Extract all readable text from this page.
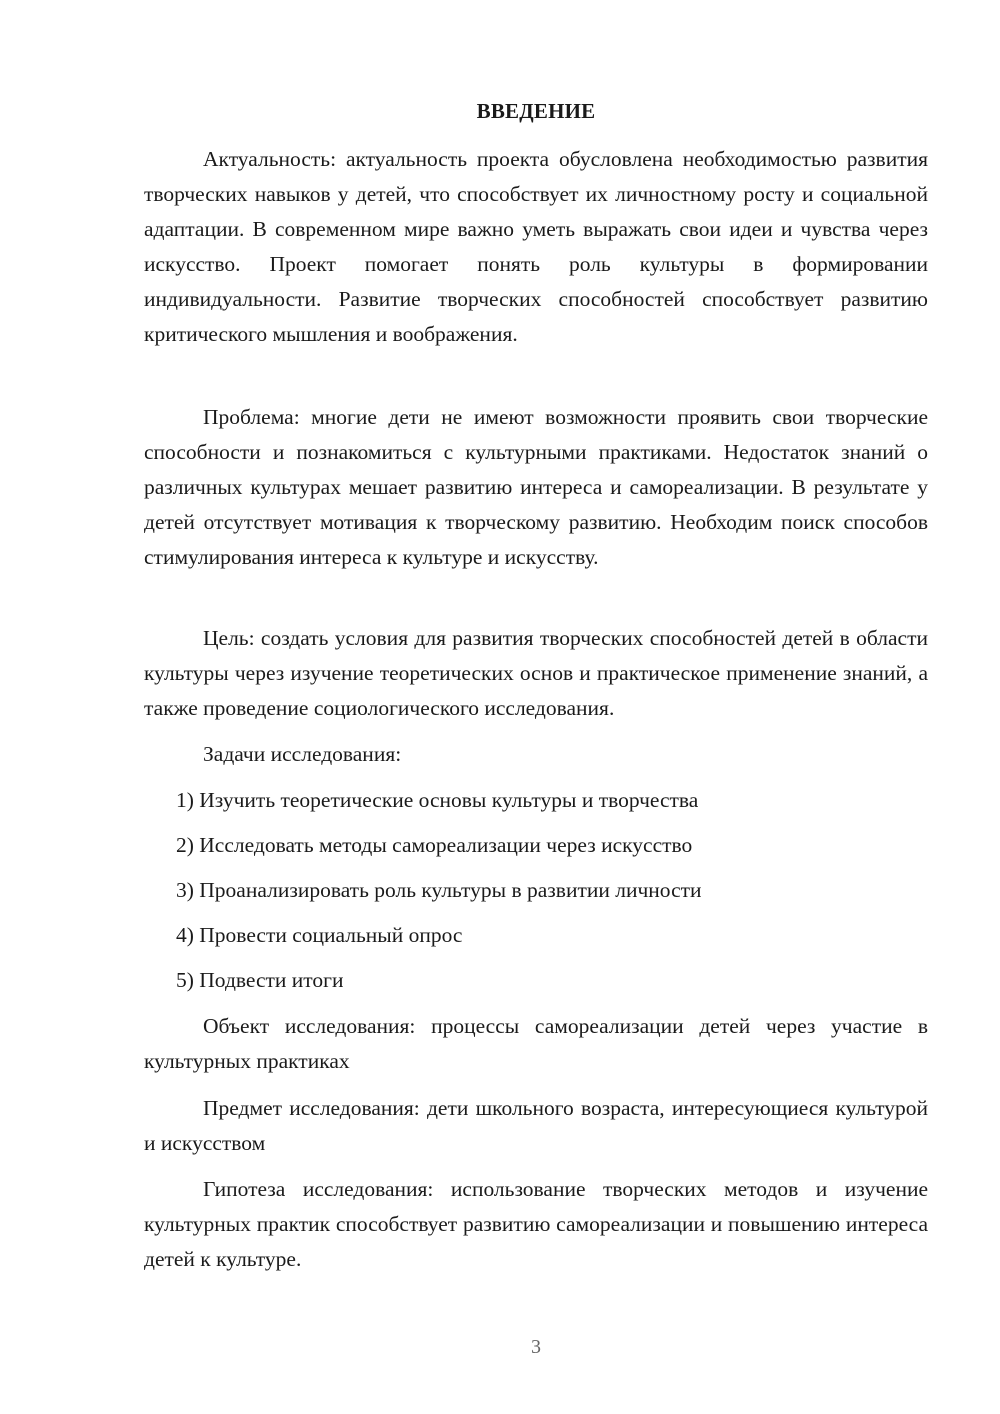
ВВЕДЕНИЕ

Актуальность: актуальность проекта обусловлена необходимостью развития творческих навыков у детей, что способствует их личностному росту и социальной адаптации. В современном мире важно уметь выражать свои идеи и чувства через искусство. Проект помогает понять роль культуры в формировании индивидуальности. Развитие творческих способностей способствует развитию критического мышления и воображения.

Проблема: многие дети не имеют возможности проявить свои творческие способности и познакомиться с культурными практиками. Недостаток знаний о различных культурах мешает развитию интереса и самореализации. В результате у детей отсутствует мотивация к творческому развитию. Необходим поиск способов стимулирования интереса к культуре и искусству.

Цель: создать условия для развития творческих способностей детей в области культуры через изучение теоретических основ и практическое применение знаний, а также проведение социологического исследования.

Задачи исследования:

1) Изучить теоретические основы культуры и творчества

2) Исследовать методы самореализации через искусство

3) Проанализировать роль культуры в развитии личности

4) Провести социальный опрос

5) Подвести итоги

Объект исследования: процессы самореализации детей через участие в культурных практиках

Предмет исследования: дети школьного возраста, интересующиеся культурой и искусством

Гипотеза исследования: использование творческих методов и изучение культурных практик способствует развитию самореализации и повышению интереса детей к культуре.

3
